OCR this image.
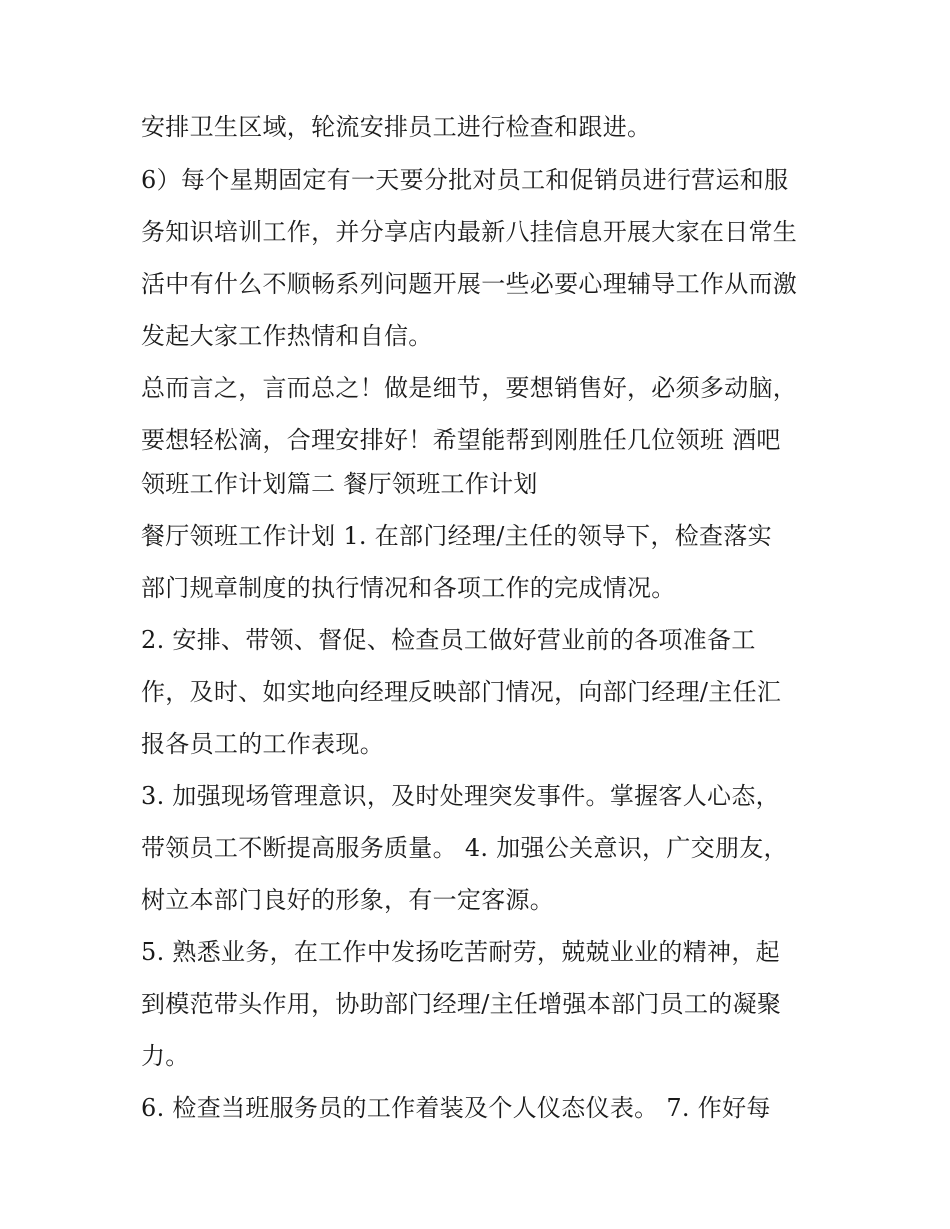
安排卫生区域，轮流安排员工进行检查和跟进。
6）每个星期固定有一天要分批对员工和促销员进行营运和服
务知识培训工作，并分享店内最新八挂信息开展大家在日常生
活中有什么不顺畅系列问题开展一些必要心理辅导工作从而激
发起大家工作热情和自信。
总而言之，言而总之！做是细节，要想销售好，必须多动脑，
要想轻松滴，合理安排好！希望能帮到刚胜任几位领班 酒吧
领班工作计划篇二 餐厅领班工作计划
餐厅领班工作计划 1. 在部门经理/主任的领导下，检查落实
部门规章制度的执行情况和各项工作的完成情况。
2. 安排、带领、督促、检查员工做好营业前的各项准备工
作，及时、如实地向经理反映部门情况，向部门经理/主任汇
报各员工的工作表现。
3. 加强现场管理意识，及时处理突发事件。掌握客人心态，
带领员工不断提高服务质量。 4. 加强公关意识，广交朋友，
树立本部门良好的形象，有一定客源。
5. 熟悉业务，在工作中发扬吃苦耐劳，兢兢业业的精神，起
到模范带头作用，协助部门经理/主任增强本部门员工的凝聚
力。
6. 检查当班服务员的工作着装及个人仪态仪表。 7. 作好每
